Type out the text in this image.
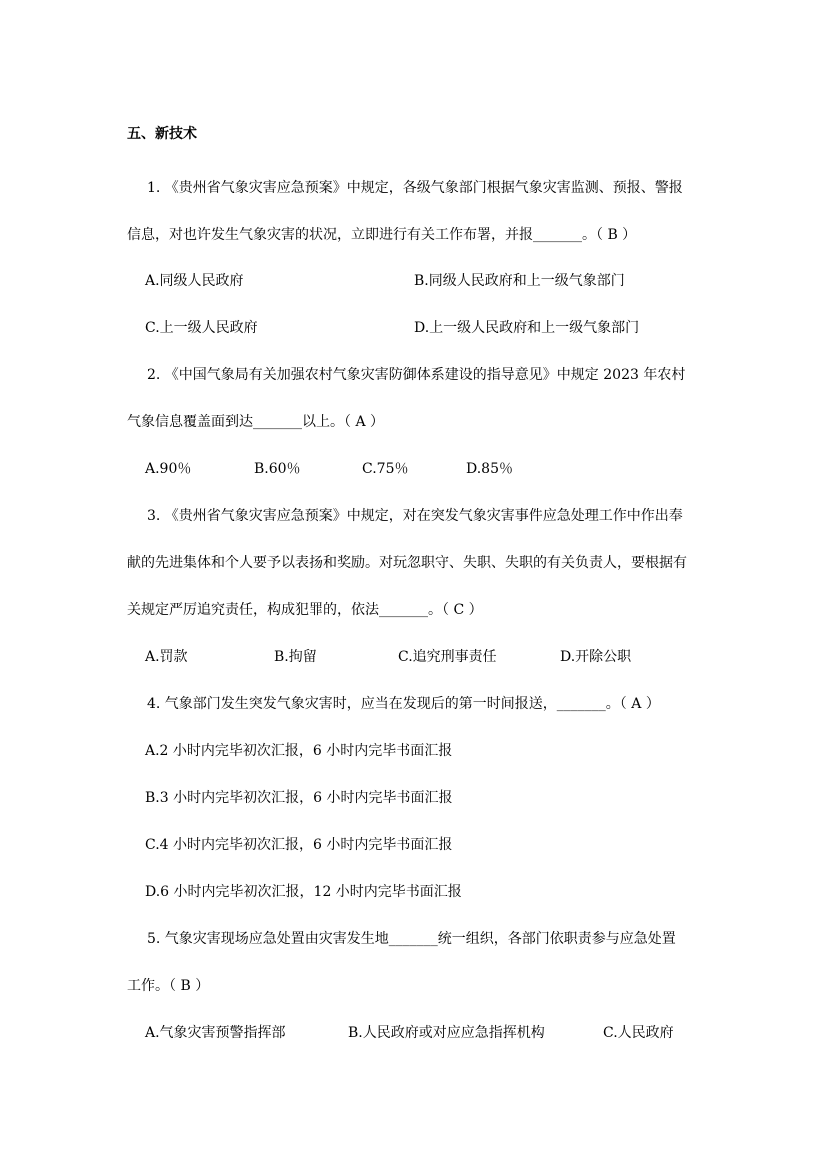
五、新技术
1. 《贵州省气象灾害应急预案》中规定，各级气象部门根据气象灾害监测、预报、警报
信息，对也许发生气象灾害的状况，立即进行有关工作布署，并报_______。（ B ）
A.同级人民政府	B.同级人民政府和上一级气象部门
C.上一级人民政府	D.上一级人民政府和上一级气象部门
2. 《中国气象局有关加强农村气象灾害防御体系建设的指导意见》中规定 2023 年农村
气象信息覆盖面到达_______以上。（ A ）
A.90％	B.60％	C.75％	D.85％
3. 《贵州省气象灾害应急预案》中规定，对在突发气象灾害事件应急处理工作中作出奉
献的先进集体和个人要予以表扬和奖励。对玩忽职守、失职、失职的有关负责人，要根据有
关规定严厉追究责任，构成犯罪的，依法_______。（ C ）
A.罚款	B.拘留	C.追究刑事责任	D.开除公职
4. 气象部门发生突发气象灾害时，应当在发现后的第一时间报送，_______。（ A ）
A.2 小时内完毕初次汇报，6 小时内完毕书面汇报
B.3 小时内完毕初次汇报，6 小时内完毕书面汇报
C.4 小时内完毕初次汇报，6 小时内完毕书面汇报
D.6 小时内完毕初次汇报，12 小时内完毕书面汇报
5. 气象灾害现场应急处置由灾害发生地_______统一组织，各部门依职责参与应急处置
工作。（ B ）
A.气象灾害预警指挥部	B.人民政府或对应应急指挥机构	C.人民政府
